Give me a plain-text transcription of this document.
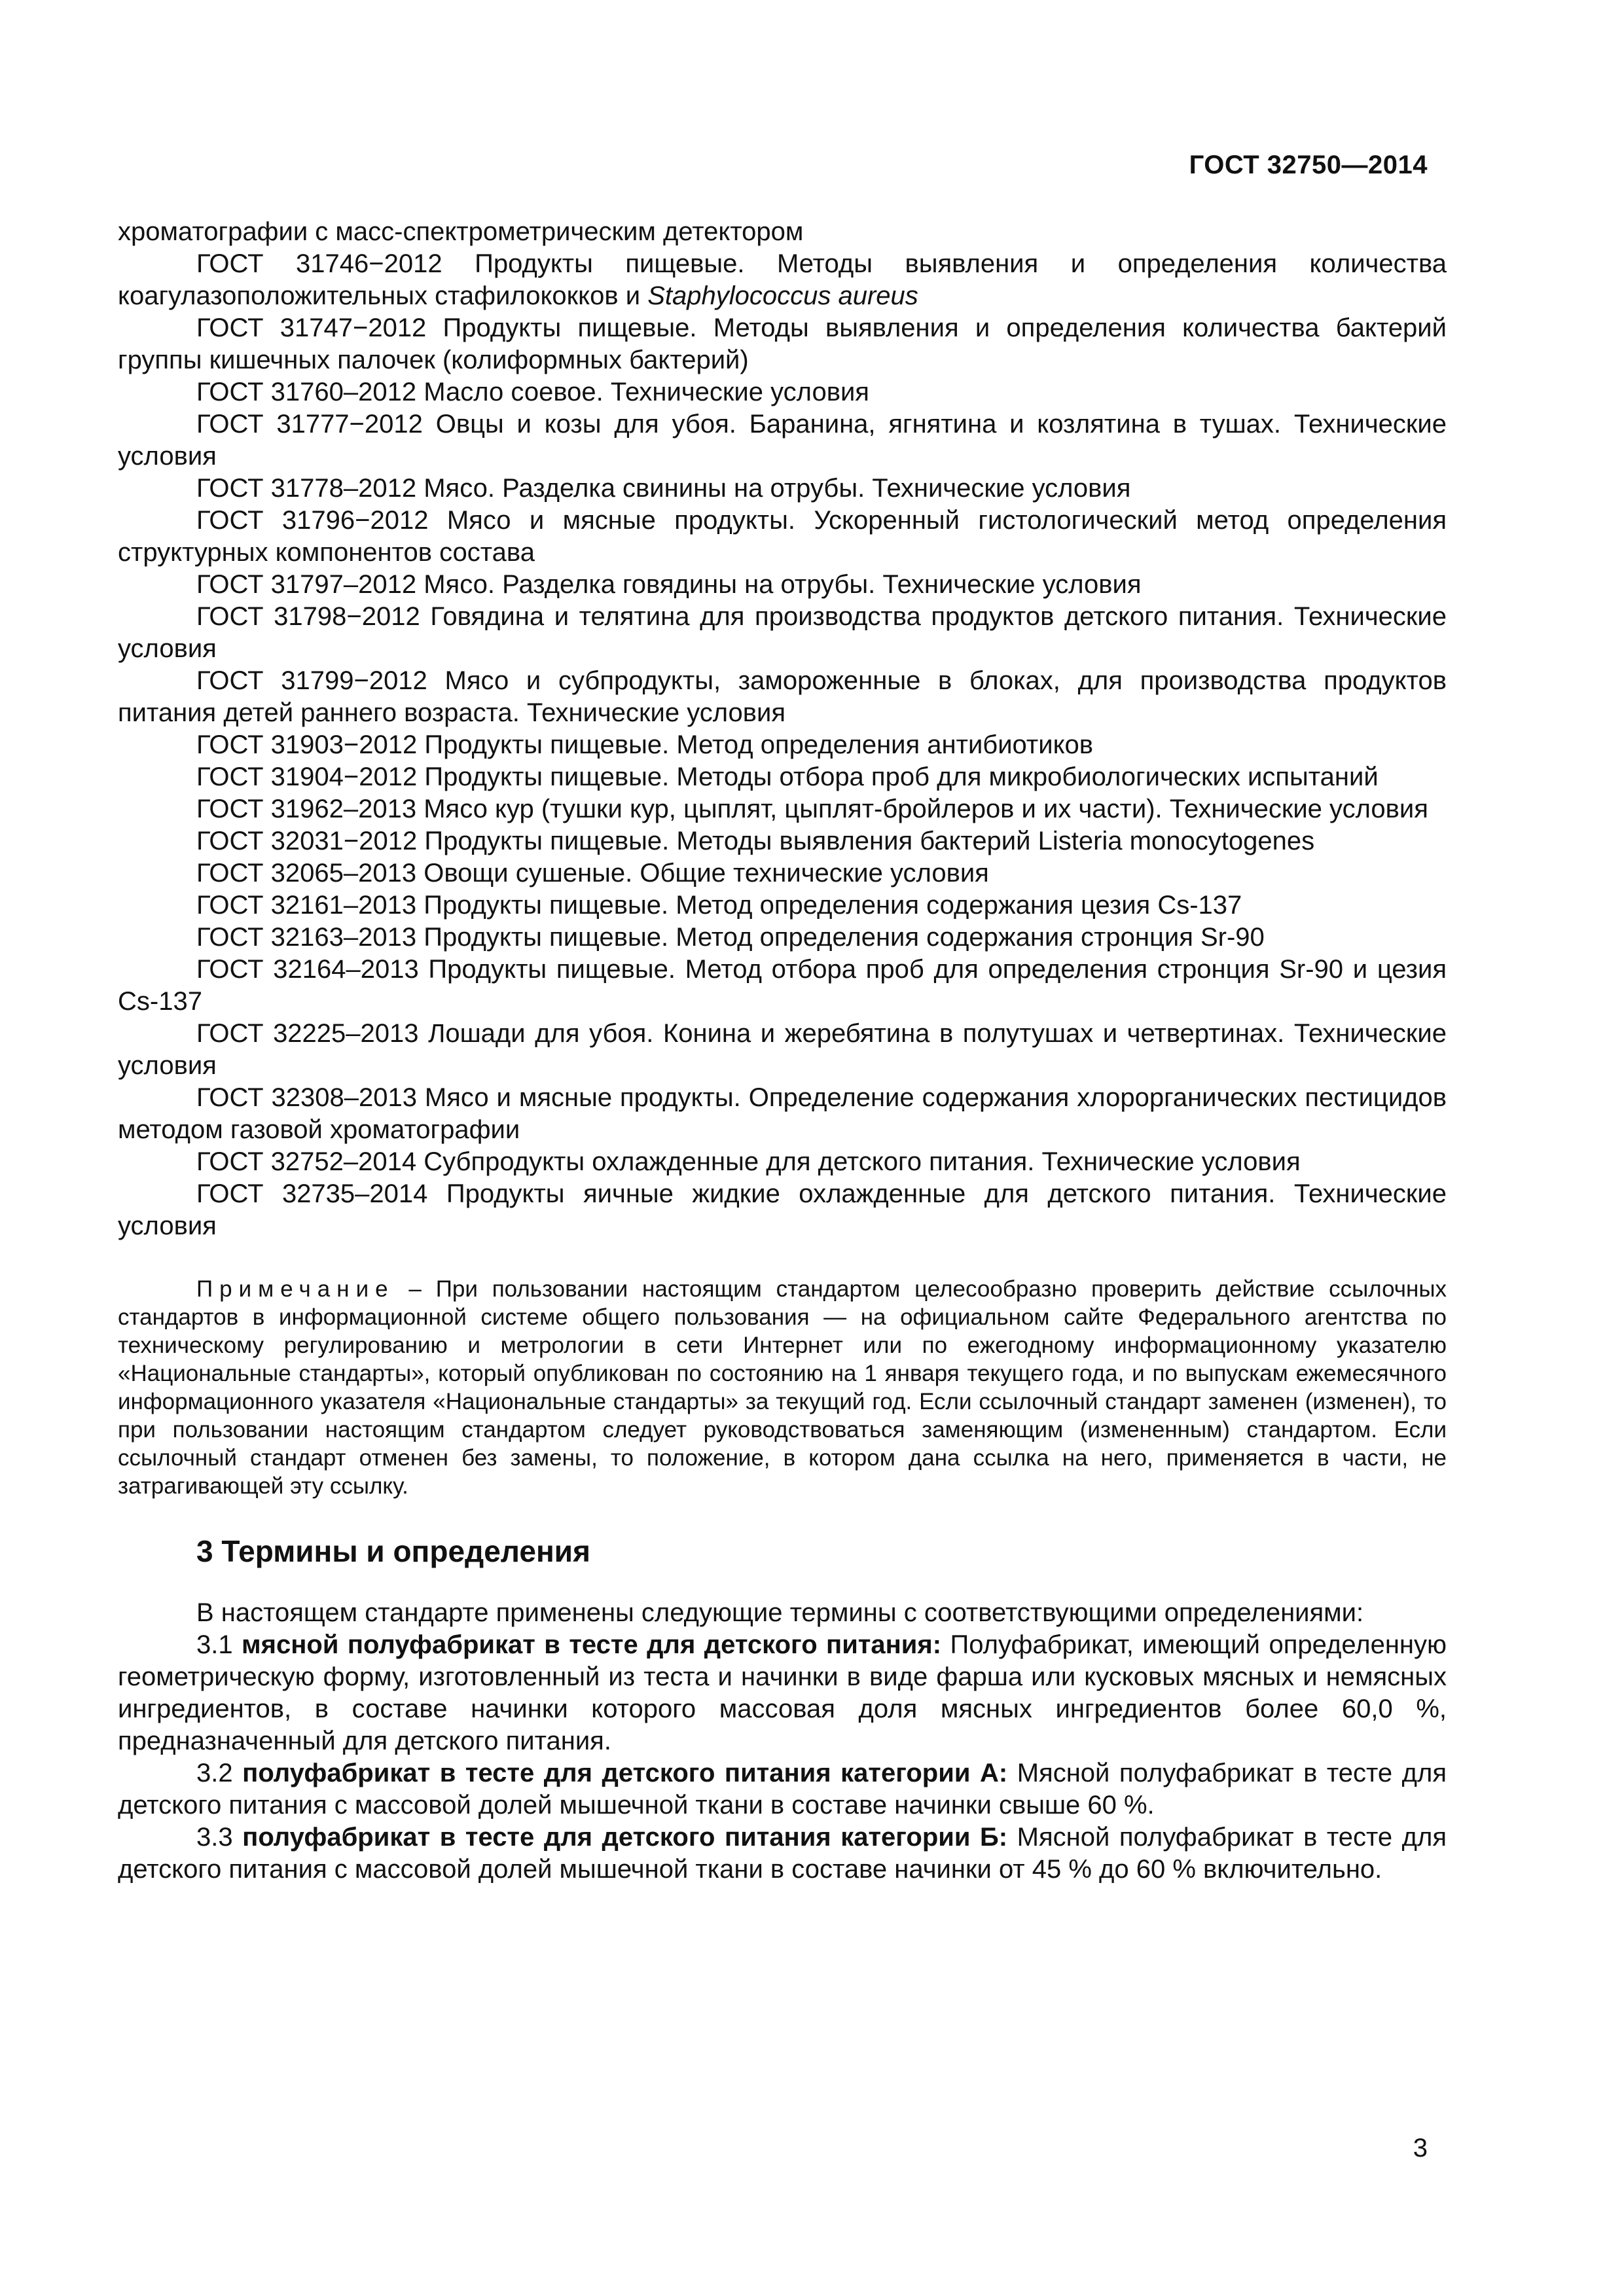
ГОСТ 32750—2014

хроматографии с масс-спектрометрическим детектором

ГОСТ 31746−2012 Продукты пищевые. Методы выявления и определения количества коагулазоположительных стафилококков и Staphylococcus aureus

ГОСТ 31747−2012 Продукты пищевые. Методы выявления и определения количества бактерий группы кишечных палочек (колиформных бактерий)

ГОСТ 31760–2012 Масло соевое. Технические условия

ГОСТ 31777−2012 Овцы и козы для убоя. Баранина, ягнятина и козлятина в тушах. Технические условия

ГОСТ 31778–2012 Мясо. Разделка свинины на отрубы. Технические условия

ГОСТ 31796−2012 Мясо и мясные продукты. Ускоренный гистологический метод определения структурных компонентов состава

ГОСТ 31797–2012 Мясо. Разделка говядины на отрубы. Технические условия

ГОСТ 31798−2012 Говядина и телятина для производства продуктов детского питания. Технические условия

ГОСТ 31799−2012 Мясо и субпродукты, замороженные в блоках, для производства продуктов питания детей раннего возраста. Технические условия

ГОСТ 31903−2012 Продукты пищевые. Метод определения антибиотиков

ГОСТ 31904−2012 Продукты пищевые. Методы отбора проб для микробиологических испытаний

ГОСТ 31962–2013 Мясо кур (тушки кур, цыплят, цыплят-бройлеров и их части). Технические условия

ГОСТ 32031−2012 Продукты пищевые. Методы выявления бактерий Listeria monocytogenes

ГОСТ 32065–2013 Овощи сушеные. Общие технические условия

ГОСТ 32161–2013 Продукты пищевые. Метод определения содержания цезия Cs-137

ГОСТ 32163–2013 Продукты пищевые. Метод определения содержания стронция Sr-90

ГОСТ 32164–2013 Продукты пищевые. Метод отбора проб для определения стронция Sr-90 и цезия Cs-137

ГОСТ 32225–2013 Лошади для убоя. Конина и жеребятина в полутушах и четвертинах. Технические условия

ГОСТ 32308–2013 Мясо и мясные продукты. Определение содержания хлорорганических пестицидов методом газовой хроматографии

ГОСТ 32752–2014 Субпродукты охлажденные для детского питания. Технические условия

ГОСТ 32735–2014 Продукты яичные жидкие охлажденные для детского питания. Технические условия

Примечание – При пользовании настоящим стандартом целесообразно проверить действие ссылочных стандартов в информационной системе общего пользования — на официальном сайте Федерального агентства по техническому регулированию и метрологии в сети Интернет или по ежегодному информационному указателю «Национальные стандарты», который опубликован по состоянию на 1 января текущего года, и по выпускам ежемесячного информационного указателя «Национальные стандарты» за текущий год. Если ссылочный стандарт заменен (изменен), то при пользовании настоящим стандартом следует руководствоваться заменяющим (измененным) стандартом. Если ссылочный стандарт отменен без замены, то положение, в котором дана ссылка на него, применяется в части, не затрагивающей эту ссылку.

3 Термины и определения

В настоящем стандарте применены следующие термины с соответствующими определениями:

3.1 мясной полуфабрикат в тесте для детского питания: Полуфабрикат, имеющий определенную геометрическую форму, изготовленный из теста и начинки в виде фарша или кусковых мясных и немясных ингредиентов, в составе начинки которого массовая доля мясных ингредиентов более 60,0 %, предназначенный для детского питания.

3.2 полуфабрикат в тесте для детского питания категории А: Мясной полуфабрикат в тесте для детского питания с массовой долей мышечной ткани в составе начинки свыше 60 %.

3.3 полуфабрикат в тесте для детского питания категории Б: Мясной полуфабрикат в тесте для детского питания с массовой долей мышечной ткани в составе начинки от 45 % до 60 % включительно.

3
